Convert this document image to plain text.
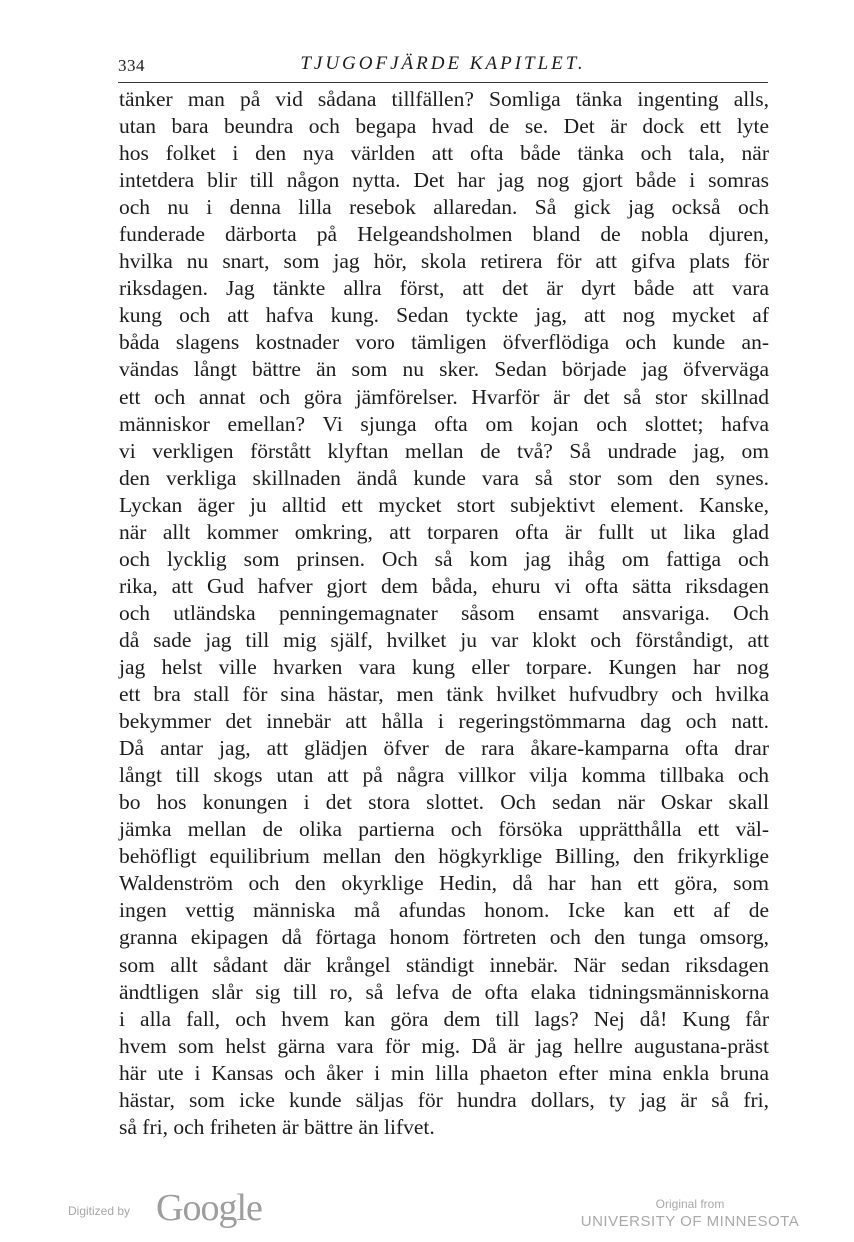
334	TJUGOFJÄRDE KAPITLET.
tänker man på vid sådana tillfällen? Somliga tänka ingenting alls,
utan bara beundra och begapa hvad de se. Det är dock ett lyte
hos folket i den nya världen att ofta både tänka och tala, när
intetdera blir till någon nytta. Det har jag nog gjort både i somras
och nu i denna lilla resebok allaredan. Så gick jag också och
funderade därborta på Helgeandsholmen bland de nobla djuren,
hvilka nu snart, som jag hör, skola retirera för att gifva plats för
riksdagen. Jag tänkte allra först, att det är dyrt både att vara
kung och att hafva kung. Sedan tyckte jag, att nog mycket af
båda slagens kostnader voro tämligen öfverflödiga och kunde an-
vändas långt bättre än som nu sker. Sedan började jag öfverväga
ett och annat och göra jämförelser. Hvarför är det så stor skillnad
människor emellan? Vi sjunga ofta om kojan och slottet; hafva
vi verkligen förstått klyftan mellan de två? Så undrade jag, om
den verkliga skillnaden ändå kunde vara så stor som den synes.
Lyckan äger ju alltid ett mycket stort subjektivt element. Kanske,
när allt kommer omkring, att torparen ofta är fullt ut lika glad
och lycklig som prinsen. Och så kom jag ihåg om fattiga och
rika, att Gud hafver gjort dem båda, ehuru vi ofta sätta riksdagen
och utländska penningemagnater såsom ensamt ansvariga. Och
då sade jag till mig själf, hvilket ju var klokt och förståndigt, att
jag helst ville hvarken vara kung eller torpare. Kungen har nog
ett bra stall för sina hästar, men tänk hvilket hufvudbry och hvilka
bekymmer det innebär att hålla i regeringstömmarna dag och natt.
Då antar jag, att glädjen öfver de rara åkare-kamparna ofta drar
långt till skogs utan att på några villkor vilja komma tillbaka och
bo hos konungen i det stora slottet. Och sedan när Oskar skall
jämka mellan de olika partierna och försöka upprätthålla ett väl-
behöfligt equilibrium mellan den högkyrklige Billing, den frikyrklige
Waldenström och den okyrklige Hedin, då har han ett göra, som
ingen vettig människa må afundas honom. Icke kan ett af de
granna ekipagen då förtaga honom förtreten och den tunga omsorg,
som allt sådant där krångel ständigt innebär. När sedan riksdagen
ändtligen slår sig till ro, så lefva de ofta elaka tidningsmänniskorna
i alla fall, och hvem kan göra dem till lags? Nej då! Kung får
hvem som helst gärna vara för mig. Då är jag hellre augustana-präst
här ute i Kansas och åker i min lilla phaeton efter mina enkla bruna
hästar, som icke kunde säljas för hundra dollars, ty jag är så fri,
så fri, och friheten är bättre än lifvet.
Digitized by Google	Original from
UNIVERSITY OF MINNESOTA
